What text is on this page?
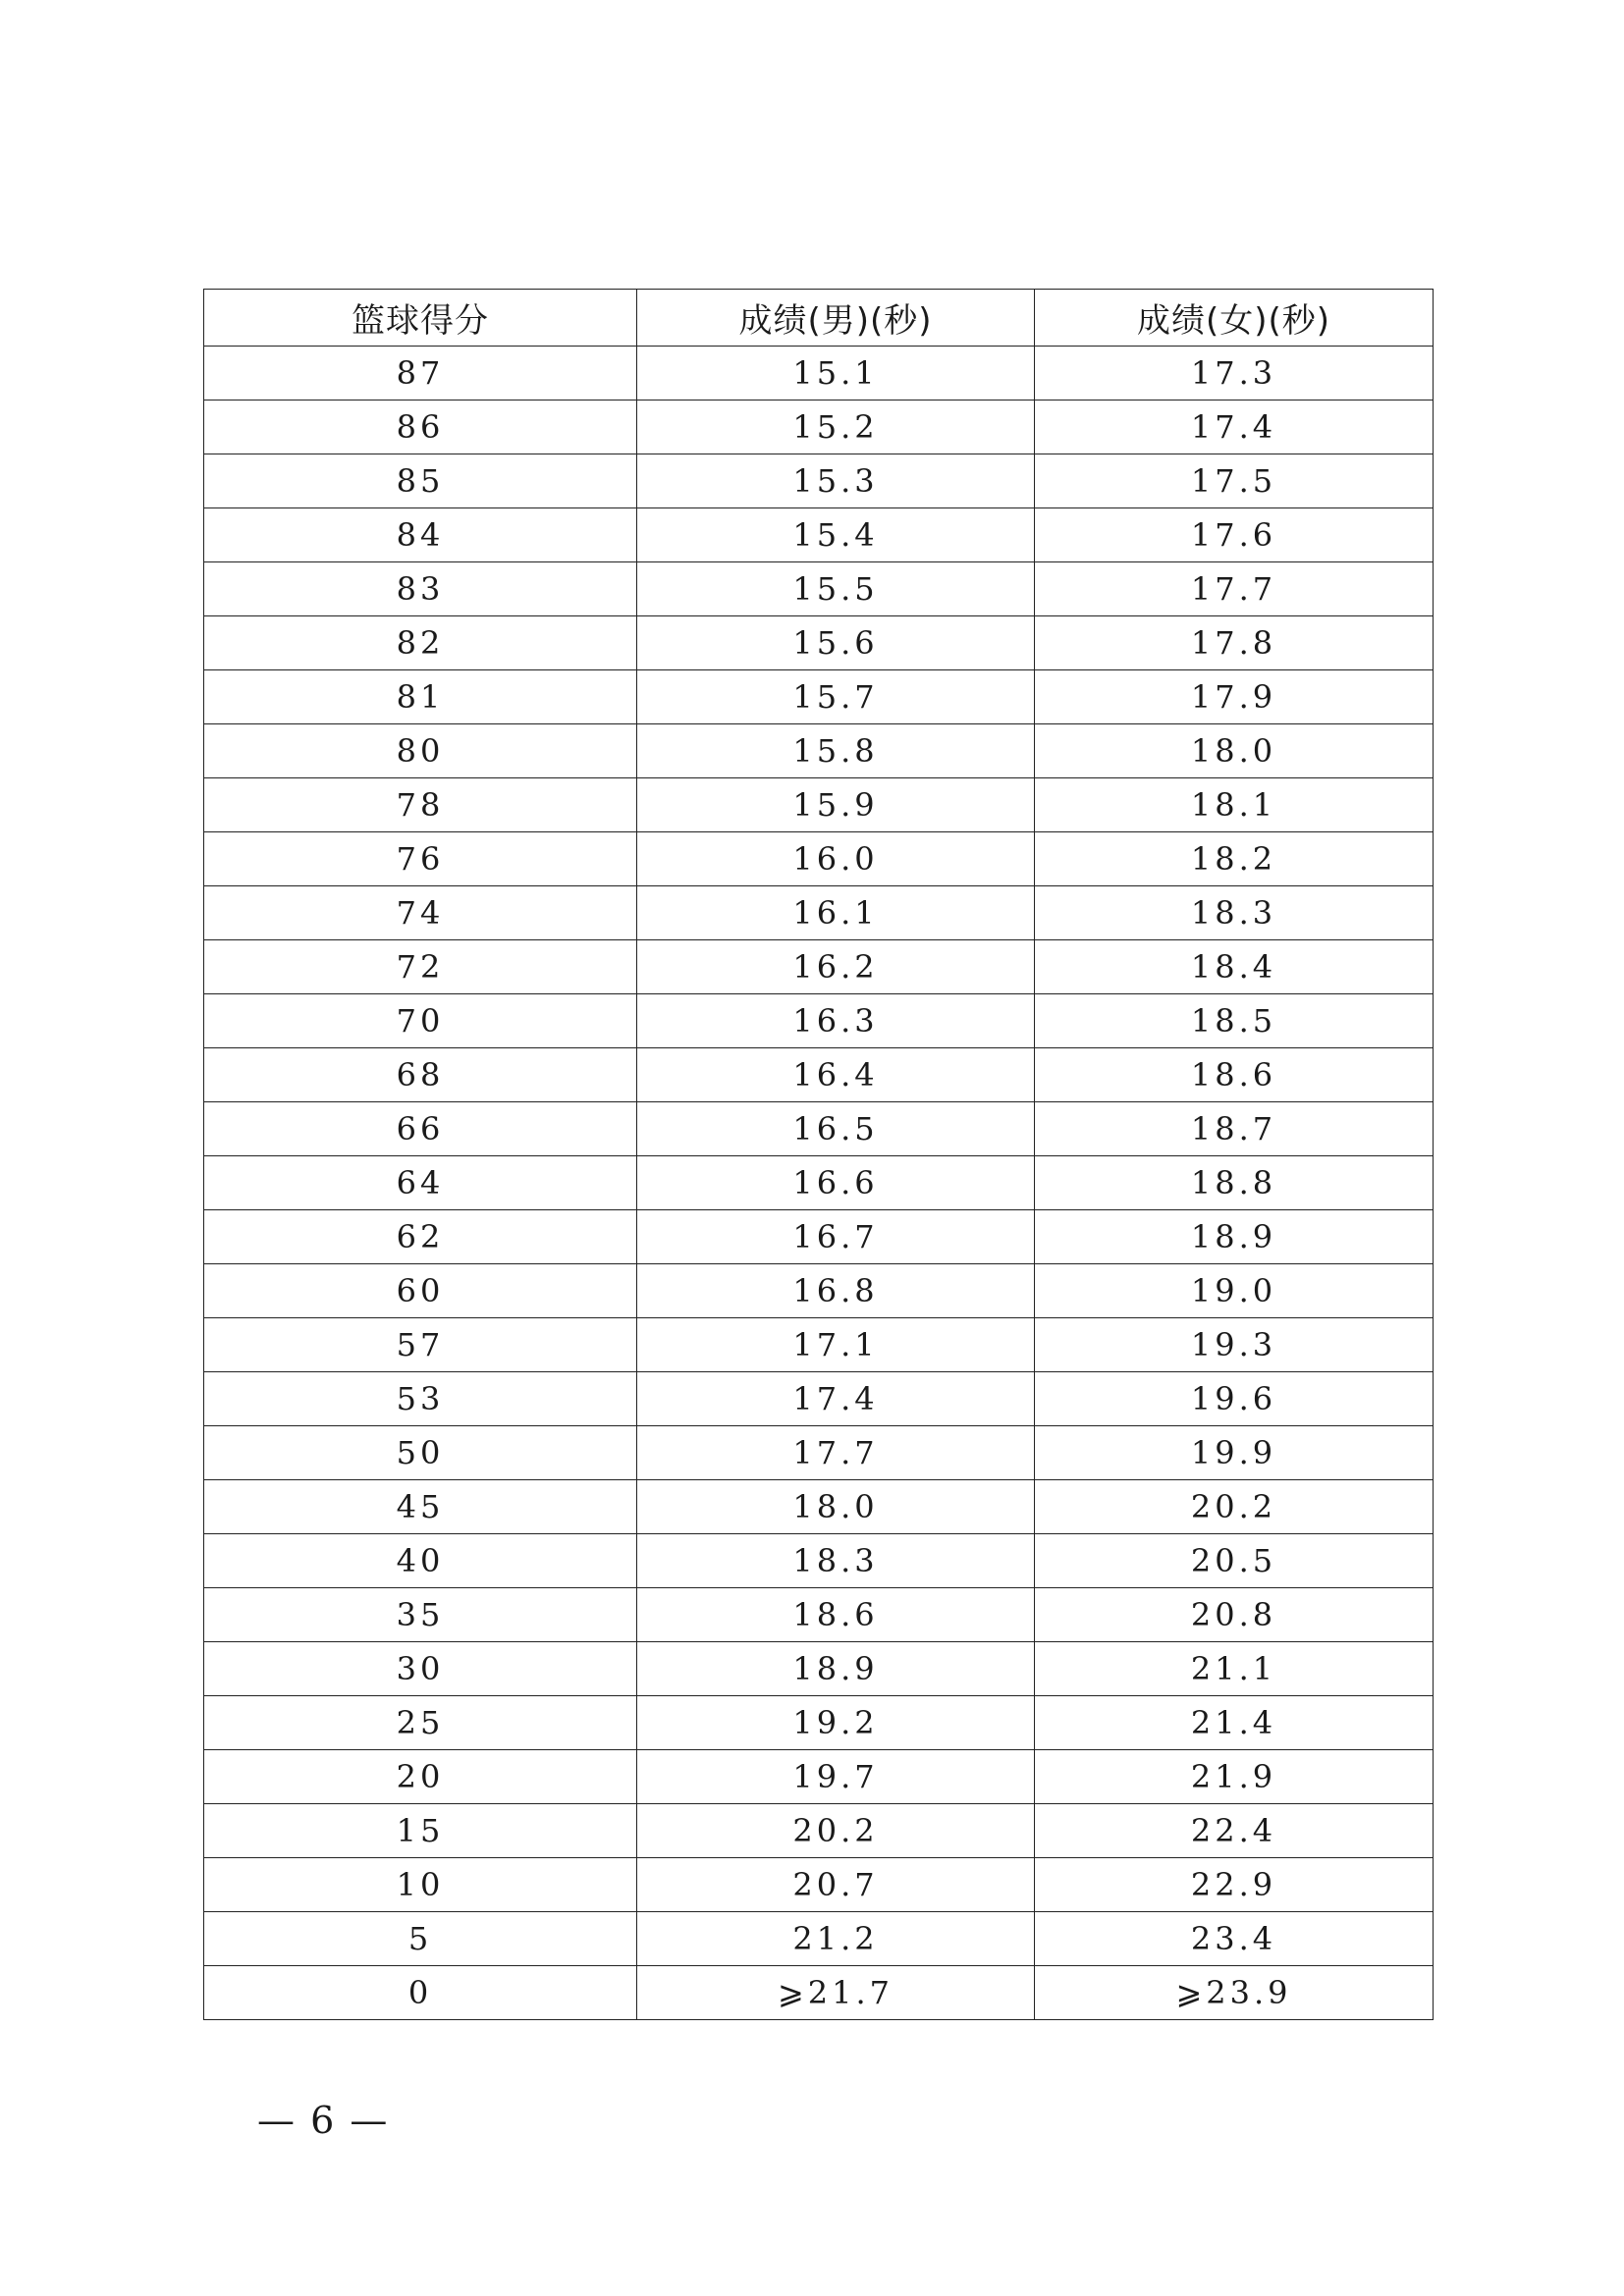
篮球得分	成绩(男)(秒)	成绩(女)(秒)
87	15.1	17.3
86	15.2	17.4
85	15.3	17.5
84	15.4	17.6
83	15.5	17.7
82	15.6	17.8
81	15.7	17.9
80	15.8	18.0
78	15.9	18.1
76	16.0	18.2
74	16.1	18.3
72	16.2	18.4
70	16.3	18.5
68	16.4	18.6
66	16.5	18.7
64	16.6	18.8
62	16.7	18.9
60	16.8	19.0
57	17.1	19.3
53	17.4	19.6
50	17.7	19.9
45	18.0	20.2
40	18.3	20.5
35	18.6	20.8
30	18.9	21.1
25	19.2	21.4
20	19.7	21.9
15	20.2	22.4
10	20.7	22.9
5	21.2	23.4
0	⩾21.7	⩾23.9
— 6 —
